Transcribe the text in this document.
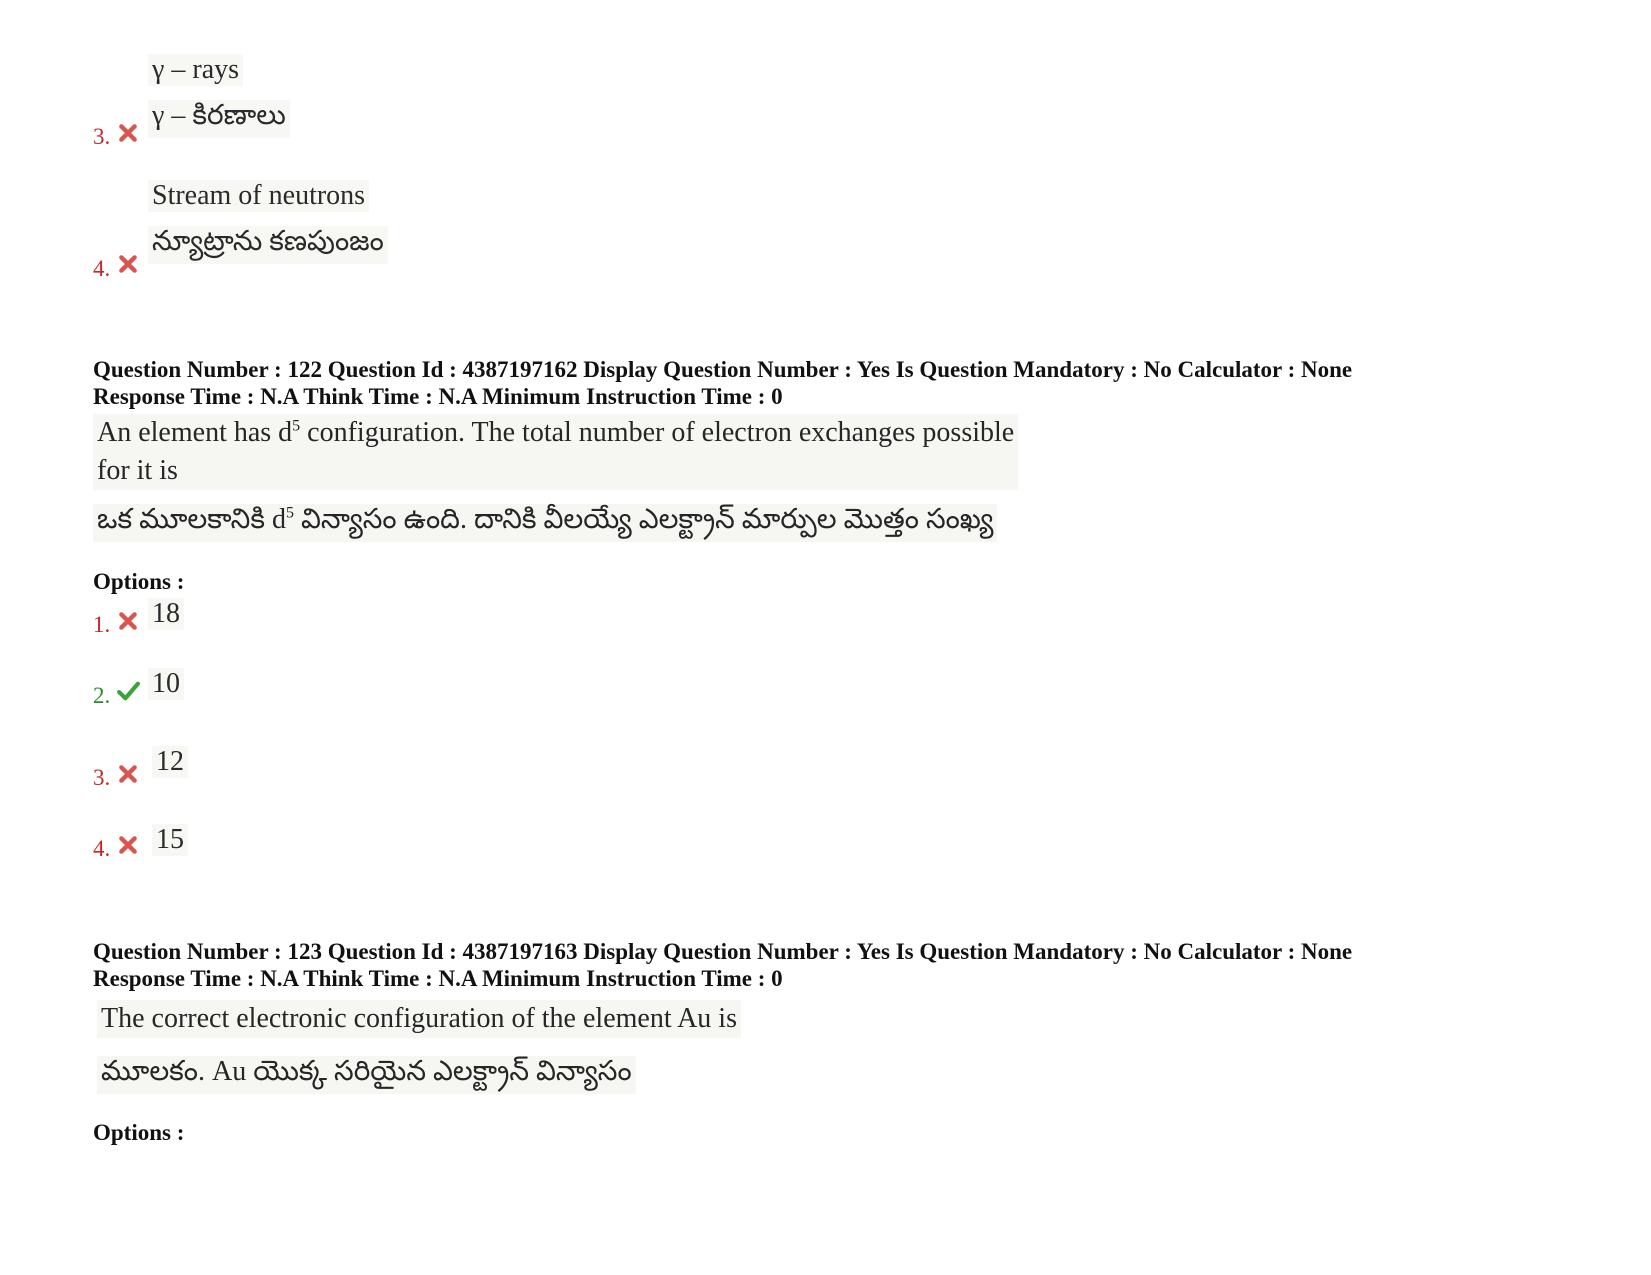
γ – rays
γ – కిరణాలు
3.
Stream of neutrons
న్యూట్రాను కణపుంజం
4.
Question Number : 122 Question Id : 4387197162 Display Question Number : Yes Is Question Mandatory : No Calculator : None
Response Time : N.A Think Time : N.A Minimum Instruction Time : 0
An element has $d^5$ configuration. The total number of electron exchanges possible
for it is
ఒక మూలకానికి $d^5$ విన్యాసం ఉంది. దానికి వీలయ్యే ఎలక్ట్రాన్ మార్పుల మొత్తం సంఖ్య
Options :
1. 18
2. 10
3.
12
4. 15
Question Number : 123 Question Id : 4387197163 Display Question Number : Yes Is Question Mandatory : No Calculator : None
Response Time : N.A Think Time : N.A Minimum Instruction Time : 0
The correct electronic configuration of the element Au is
మూలకం. Au యొక్క సరియైన ఎలక్ట్రాన్ విన్యాసం
Options :
